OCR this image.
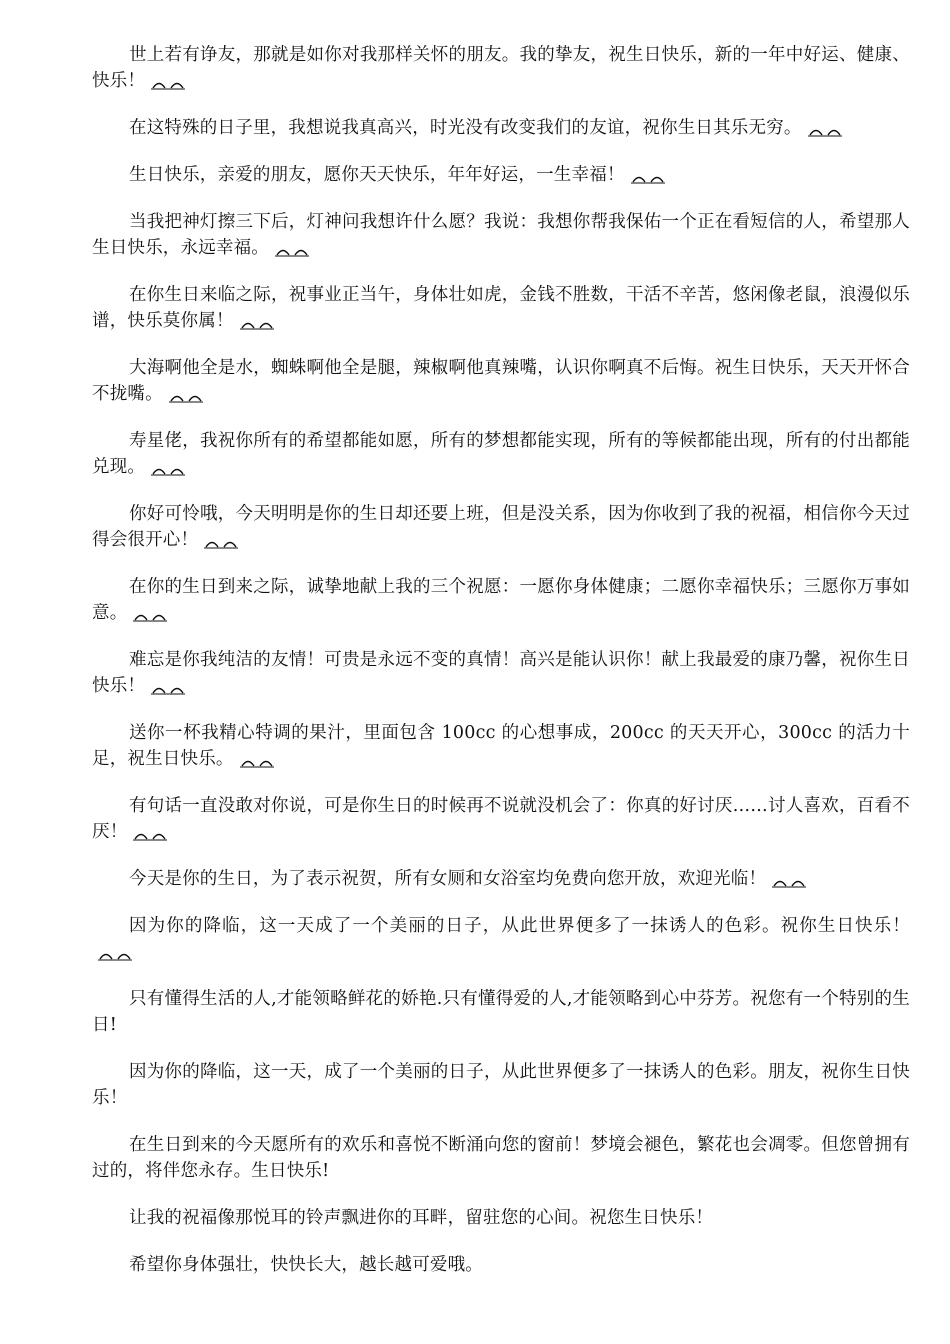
世上若有诤友，那就是如你对我那样关怀的朋友。我的挚友，祝生日快乐，新的一年中好运、健康、快乐！

在这特殊的日子里，我想说我真高兴，时光没有改变我们的友谊，祝你生日其乐无穷。

生日快乐，亲爱的朋友，愿你天天快乐，年年好运，一生幸福！

当我把神灯擦三下后，灯神问我想许什么愿？我说：我想你帮我保佑一个正在看短信的人，希望那人生日快乐，永远幸福。

在你生日来临之际，祝事业正当午，身体壮如虎，金钱不胜数，干活不辛苦，悠闲像老鼠，浪漫似乐谱，快乐莫你属！

大海啊他全是水，蜘蛛啊他全是腿，辣椒啊他真辣嘴，认识你啊真不后悔。祝生日快乐，天天开怀合不拢嘴。

寿星佬，我祝你所有的希望都能如愿，所有的梦想都能实现，所有的等候都能出现，所有的付出都能兑现。

你好可怜哦，今天明明是你的生日却还要上班，但是没关系，因为你收到了我的祝福，相信你今天过得会很开心！

在你的生日到来之际，诚挚地献上我的三个祝愿：一愿你身体健康；二愿你幸福快乐；三愿你万事如意。

难忘是你我纯洁的友情！可贵是永远不变的真情！高兴是能认识你！献上我最爱的康乃馨，祝你生日快乐！

送你一杯我精心特调的果汁，里面包含 100cc 的心想事成，200cc 的天天开心，300cc 的活力十足，祝生日快乐。

有句话一直没敢对你说，可是你生日的时候再不说就没机会了：你真的好讨厌……讨人喜欢，百看不厌！

今天是你的生日，为了表示祝贺，所有女厕和女浴室均免费向您开放，欢迎光临！

因为你的降临，这一天成了一个美丽的日子，从此世界便多了一抹诱人的色彩。祝你生日快乐！

只有懂得生活的人,才能领略鲜花的娇艳.只有懂得爱的人,才能领略到心中芬芳。祝您有一个特别的生日!

因为你的降临，这一天，成了一个美丽的日子，从此世界便多了一抹诱人的色彩。朋友，祝你生日快乐！

在生日到来的今天愿所有的欢乐和喜悦不断涌向您的窗前！梦境会褪色，繁花也会凋零。但您曾拥有过的，将伴您永存。生日快乐!

让我的祝福像那悦耳的铃声飘进你的耳畔，留驻您的心间。祝您生日快乐！

希望你身体强壮，快快长大，越长越可爱哦。
